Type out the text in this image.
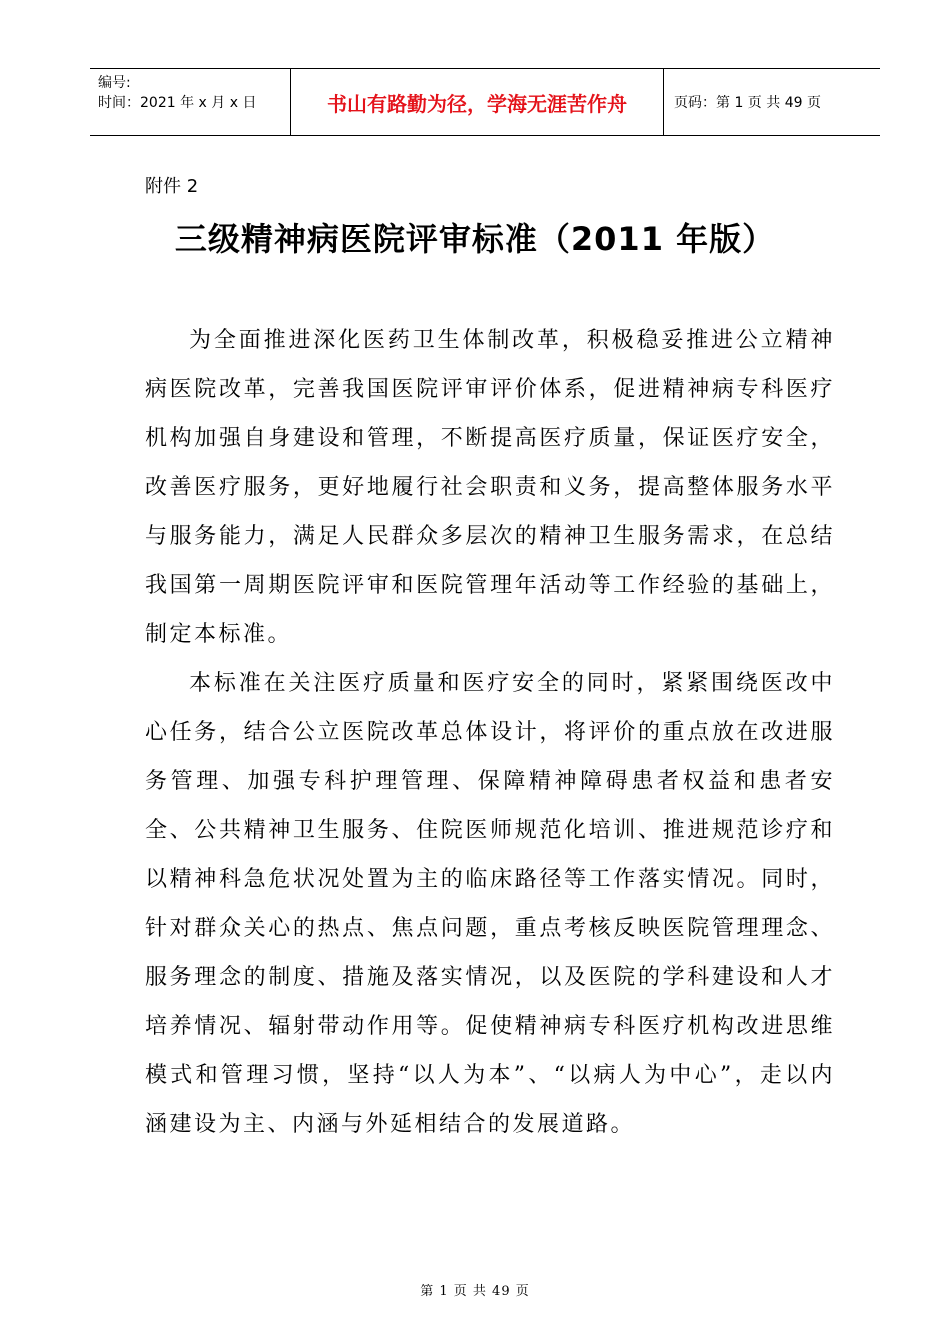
编号:
时间：2021 年 x 月 x 日	书山有路勤为径，学海无涯苦作舟	页码：第 1 页 共 49 页
附件 2
三级精神病医院评审标准（2011 年版）

为全面推进深化医药卫生体制改革，积极稳妥推进公立精神病医院改革，完善我国医院评审评价体系，促进精神病专科医疗机构加强自身建设和管理，不断提高医疗质量，保证医疗安全，改善医疗服务，更好地履行社会职责和义务，提高整体服务水平与服务能力，满足人民群众多层次的精神卫生服务需求，在总结我国第一周期医院评审和医院管理年活动等工作经验的基础上，制定本标准。

本标准在关注医疗质量和医疗安全的同时，紧紧围绕医改中心任务，结合公立医院改革总体设计，将评价的重点放在改进服务管理、加强专科护理管理、保障精神障碍患者权益和患者安全、公共精神卫生服务、住院医师规范化培训、推进规范诊疗和以精神科急危状况处置为主的临床路径等工作落实情况。同时，针对群众关心的热点、焦点问题，重点考核反映医院管理理念、服务理念的制度、措施及落实情况，以及医院的学科建设和人才培养情况、辐射带动作用等。促使精神病专科医疗机构改进思维模式和管理习惯，坚持“以人为本”、“以病人为中心”，走以内涵建设为主、内涵与外延相结合的发展道路。

第 1 页 共 49 页
